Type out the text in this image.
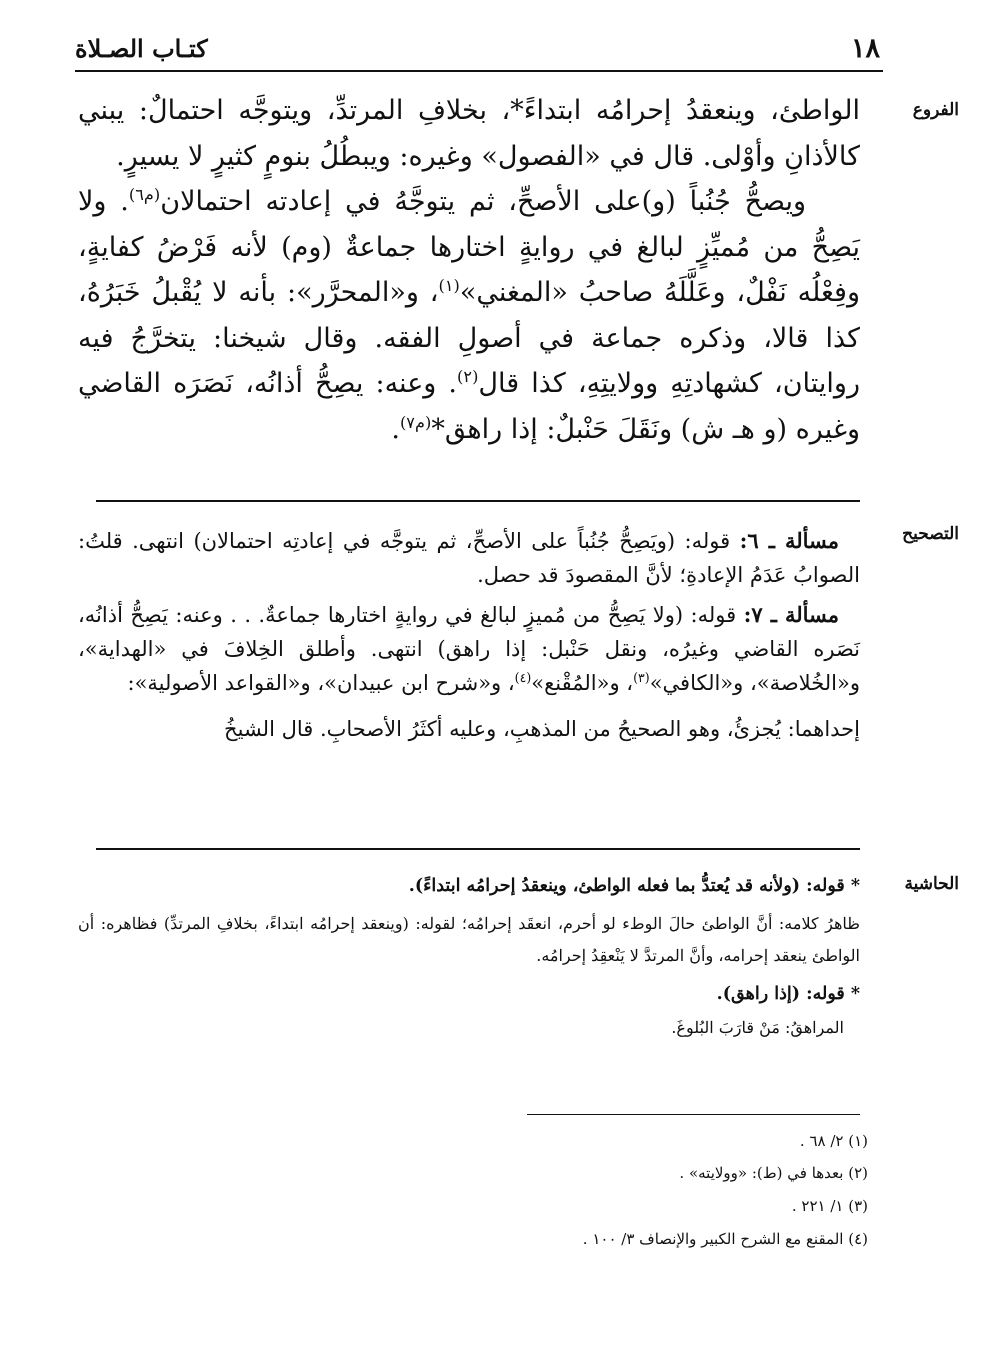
١٨
كتـاب الصـلاة
الفروع

الواطئ، وينعقدُ إحرامُه ابتداءً*، بخلافِ المرتدِّ، ويتوجَّه احتمالٌ: يبني كالأذانِ وأوْلى. قال في «الفصول» وغيره: ويبطُلُ بنومٍ كثيرٍ لا يسيرٍ.

  ويصحُّ جُنُباً (و)على الأصحِّ، ثم يتوجَّهُ في إعادته احتمالان$^{(م٦)}$. ولا يَصِحُّ من مُميِّزٍ لبالغ في روايةٍ اختارها جماعةٌ (وم) لأنه فَرْضُ كفايةٍ، وفِعْلُه نَفْلٌ، وعَلَّلَهُ صاحبُ «المغني»$^{(١)}$، و«المحرَّر»: بأنه لا يُقْبلُ خَبَرُهُ، كذا قالا، وذكره جماعة في أصولِ الفقه. وقال شيخنا: يتخرَّجُ فيه روايتان، كشهادتِهِ وولايتِهِ، كذا قال$^{(٢)}$. وعنه: يصِحُّ أذانُه، نَصَرَه القاضي وغيره (و هـ ش) ونَقَلَ حَنْبلٌ: إذا راهق*$^{(م٧)}$.

التصحيح

 مسألة ـ ٦: قوله: (ويَصِحُّ جُنُباً على الأصحِّ، ثم يتوجَّه في إعادتِه احتمالان) انتهى. قلتُ: الصوابُ عَدَمُ الإعادةِ؛ لأنَّ المقصودَ قد حصل.

 مسألة ـ ٧: قوله: (ولا يَصِحُّ من مُميزٍ لبالغ في روايةٍ اختارها جماعةٌ. . . وعنه: يَصِحُّ أذانُه، نَصَره القاضي وغيرُه، ونقل حَنْبل: إذا راهق) انتهى. وأطلق الخِلافَ في «الهداية»، و«الخُلاصة»، و«الكافي»$^{(٣)}$، و«المُقْنع»$^{(٤)}$، و«شرح ابن عبيدان»، و«القواعد الأصولية»:

إحداهما: يُجزئُ، وهو الصحيحُ من المذهبِ، وعليه أكثَرُ الأصحابِ. قال الشيخُ

الحاشية

* قوله: (ولأنه قد يُعتدُّ بما فعله الواطئ، وينعقدُ إحرامُه ابتداءً).

ظاهرُ كلامه: أنَّ الواطئ حالَ الوطء لو أحرم، انعقَد إحرامُه؛ لقوله: (وينعقد إحرامُه ابتداءً، بخلافِ المرتدِّ) فظاهره: أن الواطئ ينعقد إحرامه، وأنَّ المرتدَّ لا يَنْعقِدُ إحرامُه.

* قوله: (إذا راهق).

 المراهقُ: مَنْ قارَبَ البُلوغَ.

(١) ٢/ ٦٨ .
(٢) بعدها في (ط): «وولايته» .
(٣) ١/ ٢٢١ .
(٤) المقنع مع الشرح الكبير والإنصاف ٣/ ١٠٠ .
